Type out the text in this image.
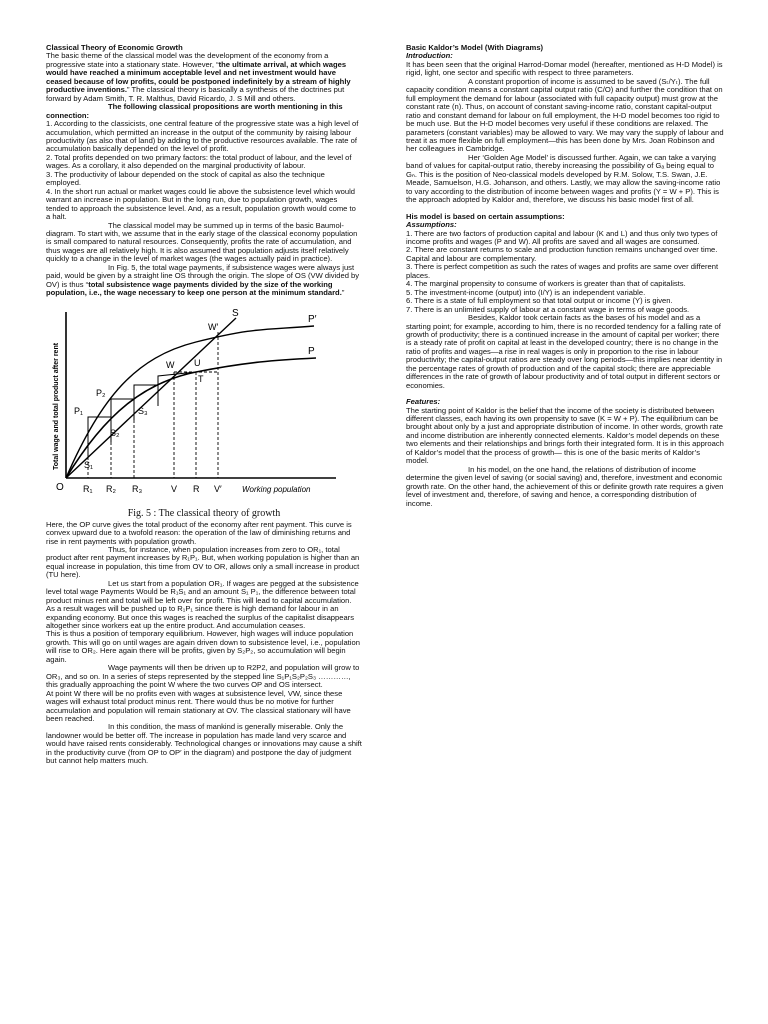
Classical Theory of Economic Growth

The basic theme of the classical model was the development of the economy from a progressive state into a stationary state. However, “the ultimate arrival, at which wages would have reached a minimum acceptable level and net investment would have ceased because of low profits, could be postponed indefinitely by a stream of highly productive inventions.” The classical theory is basically a synthesis of the doctrines put forward by Adam Smith, T. R. Malthus, David Ricardo, J. S Mill and others.

The following classical propositions are worth mentioning in this connection:

1. According to the classicists, one central feature of the progressive state was a high level of accumulation, which permitted an increase in the output of the community by raising labour productivity (as also that of land) by adding to the productive resources available. The rate of accumulation basically depended on the level of profit.

2. Total profits depended on two primary factors: the total product of labour, and the level of wages. As a corollary, it also depended on the marginal productivity of labour.

3. The productivity of labour depended on the stock of capital as also the technique employed.

4. In the short run actual or market wages could lie above the subsistence level which would warrant an increase in population. But in the long run, due to population growth, wages tended to approach the subsistence level. And, as a result, population growth would come to a halt.

The classical model may be summed up in terms of the basic Baumol- diagram. To start with, we assume that in the early stage of the classical economy population is small compared to natural resources. Consequently, profits the rate of accumulation, and thus wages are all relatively high. It is also assumed that population adjusts itself relatively quickly to a change in the level of market wages (the wages actually paid in practice).

In Fig. 5, the total wage payments, if subsistence wages were always just paid, would be given by a straight line OS through the origin. The slope of OS (VW divided by OV) is thus “total subsistence wage payments divided by the size of the working population, i.e., the wage necessary to keep one person at the minimum standard.”

S
P′
P
W′
W U
T
P₁
P₂
S₁
S₂
S₃
O R₁ R₂ R₃	V R V′	Working population
Total wage and total product after rent

Fig. 5 : The classical theory of growth

Here, the OP curve gives the total product of the economy after rent payment. This curve is convex upward due to a twofold reason: the operation of the law of diminishing returns and rise in rent payments with population growth.

Thus, for instance, when population increases from zero to OR₁, total product after rent payment increases by R₁P₁. But, when working population is higher than an equal increase in population, this time from OV to OR, allows only a small increase in product (TU here).

Let us start from a population OR₁. If wages are pegged at the subsistence level total wage Payments Would be R₁S₁ and an amount S₁ P₁, the difference between total product minus rent and total will be left over for profit. This will lead to capital accumulation.

As a result wages will be pushed up to R₁P₁ since there is high demand for labour in an expanding economy. But once this wages is reached the surplus of the capitalist disappears altogether since workers eat up the entire product. And accumulation ceases.

This is thus a position of temporary equilibrium. However, high wages will induce population growth. This will go on until wages are again driven down to subsistence level, i.e., population will rise to OR₂. Here again there will be profits, given by S₂P₂, so accumulation will begin again.

Wage payments will then be driven up to R2P2, and population will grow to OR₃, and so on. In a series of steps represented by the stepped line S₁P₁S₂P₂S₃ …………, this gradually approaching the point W where the two curves OP and OS intersect.

At point W there will be no profits even with wages at subsistence level, VW, since these wages will exhaust total product minus rent. There would thus be no motive for further accumulation and population will remain stationary at OV. The classical stationary will have been reached.

In this condition, the mass of mankind is generally miserable. Only the landowner would be better off. The increase in population has made land very scarce and would have raised rents considerably. Technological changes or innovations may cause a shift in the productivity curve (from OP to OP′ in the diagram) and postpone the day of judgment but cannot help matters much.

Basic Kaldor’s Model (With Diagrams)

Introduction:

It has been seen that the original Harrod-Domar model (hereafter, mentioned as H-D Model) is rigid, light, one sector and specific with respect to three parameters.

A constant proportion of income is assumed to be saved (Sₜ/Yₜ). The full capacity condition means a constant capital output ratio (C/O) and further the condition that on full employment the demand for labour (associated with full capacity output) must grow at the constant rate (n). Thus, on account of constant saving-income ratio, constant capital-output ratio and constant demand for labour on full employment, the H-D model becomes too rigid to be much use. But the H-D model becomes very useful if these conditions are relaxed. The parameters (constant variables) may be allowed to vary. We may vary the supply of labour and treat it as more flexible on full employment—this has been done by Mrs. Joan Robinson and her colleagues in Cambridge.

Her ‘Golden Age Model’ is discussed further. Again, we can take a varying band of values for capital-output ratio, thereby increasing the possibility of Gₐ being equal to Gₙ. This is the position of Neo-classical models developed by R.M. Solow, T.S. Swan, J.E. Meade, Samuelson, H.G. Johanson, and others. Lastly, we may allow the saving-income ratio to vary according to the distribution of income between wages and profits (Y = W + P). This is the approach adopted by Kaldor and, therefore, we discuss his basic model first of all.

His model is based on certain assumptions:

Assumptions:

1. There are two factors of production capital and labour (K and L) and thus only two types of income profits and wages (P and W). All profits are saved and all wages are consumed.

2. There are constant returns to scale and production function remains unchanged over time. Capital and labour are complementary.

3. There is perfect competition as such the rates of wages and profits are same over different places.

4. The marginal propensity to consume of workers is greater than that of capitalists.

5. The investment-income (output) into (I/Y) is an independent variable.

6. There is a state of full employment so that total output or income (Y) is given.

7. There is an unlimited supply of labour at a constant wage in terms of wage goods.

Besides, Kaldor took certain facts as the bases of his model and as a starting point; for example, according to him, there is no recorded tendency for a falling rate of growth of productivity; there is a continued increase in the amount of capital per worker; there is a steady rate of profit on capital at least in the developed country; there is no change in the ratio of profits and wages—a rise in real wages is only in proportion to the rise in labour productivity; the capital-output ratios are steady over long periods—this implies near identity in the percentage rates of growth of production and of the capital stock; there are appreciable differences in the rate of growth of labour productivity and of total output in different sectors or economies.

Features:

The starting point of Kaldor is the belief that the income of the society is distributed between different classes, each having its own propensity to save (K = W + P). The equilibrium can be brought about only by a just and appropriate distribution of income. In other words, growth rate and income distribution are inherently connected elements. Kaldor’s model depends on these two elements and their relationships and brings forth their integrated form. It is in this approach of Kaldor’s model that the process of growth— this is one of the basic merits of Kaldor’s model.

In his model, on the one hand, the relations of distribution of income determine the given level of saving (or social saving) and, therefore, investment and economic growth rate. On the other hand, the achievement of this or definite growth rate requires a given level of investment and, therefore, of saving and hence, a corresponding distribution of income.
